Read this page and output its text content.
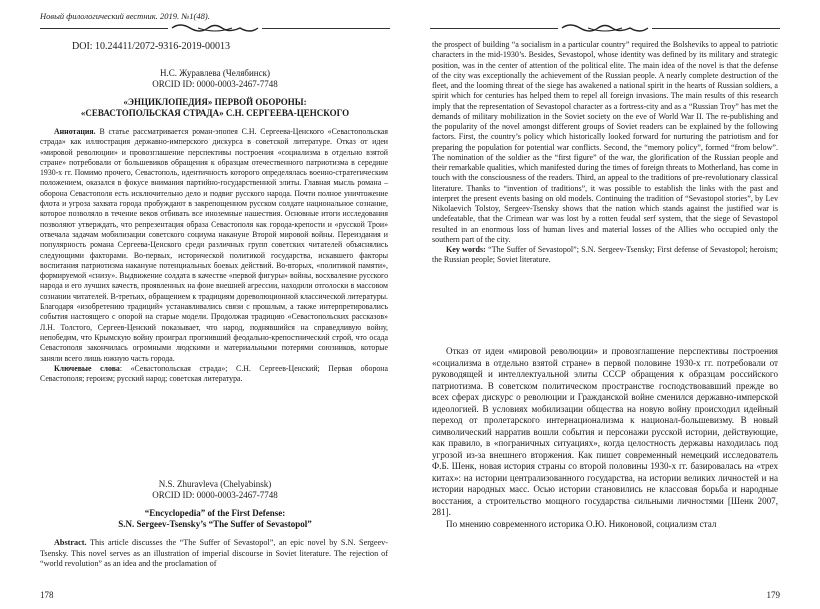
Новый филологический вестник. 2019. №1(48).
DOI: 10.24411/2072-9316-2019-00013
Н.С. Журавлева (Челябинск)
ORCID ID: 0000-0003-2467-7748
«ЭНЦИКЛОПЕДИЯ» ПЕРВОЙ ОБОРОНЫ:
«СЕВАСТОПОЛЬСКАЯ СТРАДА» С.Н. СЕРГЕЕВА-ЦЕНСКОГО

Аннотация. В статье рассматривается роман-эпопея С.Н. Сергеева-Ценского «Севастопольская страда» как иллюстрация державно-имперского дискурса в советской литературе. Отказ от идеи «мировой революции» и провозглашение перспективы построения «социализма в отдельно взятой стране» потребовали от большевиков обращения к образцам отечественного патриотизма в середине 1930-х гг. Помимо прочего, Севастополь, идентичность которого определялась военно-стратегическим положением, оказался в фокусе внимания партийно-государственной элиты. Главная мысль романа – оборона Севастополя есть исключительно дело и подвиг русского народа. Почти полное уничтожение флота и угроза захвата города пробуждают в закрепощенном русском солдате национальное сознание, которое позволяло в течение веков отбивать все иноземные нашествия. Основные итоги исследования позволяют утверждать, что репрезентация образа Севастополя как города-крепости и «русской Трои» отвечала задачам мобилизации советского социума накануне Второй мировой войны. Переиздания и популярность романа Сергеева-Ценского среди различных групп советских читателей объяснялись следующими факторами. Во-первых, исторической политикой государства, искавшего факторы воспитания патриотизма накануне потенциальных боевых действий. Во-вторых, «политикой памяти», формируемой «снизу». Выдвижение солдата в качестве «первой фигуры» войны, восхваление русского народа и его лучших качеств, проявленных на фоне внешней агрессии, находили отголоски в массовом сознании читателей. В-третьих, обращением к традициям дореволюционной классической литературы. Благодаря «изобретению традиций» устанавливались связи с прошлым, а также интерпретировались события настоящего с опорой на старые модели. Продолжая традицию «Севастопольских рассказов» Л.Н. Толстого, Сергеев-Ценский показывает, что народ, поднявшийся на справедливую войну, непобедим, что Крымскую войну проиграл прогнивший феодально-крепостнический строй, что осада Севастополя закончилась огромными людскими и материальными потерями союзников, которые заняли всего лишь южную часть города.

Ключевые слова: «Севастопольская страда»; С.Н. Сергеев-Ценский; Первая оборона Севастополя; героизм; русский народ; советская литература.

N.S. Zhuravleva (Chelyabinsk)
ORCID ID: 0000-0003-2467-7748
“Encyclopedia” of the First Defense:
S.N. Sergeev-Tsensky’s “The Suffer of Sevastopol”

Abstract. This article discusses the “The Suffer of Sevastopol”, an epic novel by S.N. Sergeev-Tsensky. This novel serves as an illustration of imperial discourse in Soviet literature. The rejection of “world revolution” as an idea and the proclamation of

178

the prospect of building “a socialism in a particular country” required the Bolsheviks to appeal to patriotic characters in the mid-1930’s. Besides, Sevastopol, whose identity was defined by its military and strategic position, was in the center of attention of the political elite. The main idea of the novel is that the defense of the city was exceptionally the achievement of the Russian people. A nearly complete destruction of the fleet, and the looming threat of the siege has awakened a national spirit in the hearts of Russian soldiers, a spirit which for centuries has helped them to repel all foreign invasions. The main results of this research imply that the representation of Sevastopol character as a fortress-city and as a “Russian Troy” has met the demands of military mobilization in the Soviet society on the eve of World War II. The re-publishing and the popularity of the novel amongst different groups of Soviet readers can be explained by the following factors. First, the country’s policy which historically looked forward for nurturing the patriotism and for preparing the population for potential war conflicts. Second, the “memory policy”, formed “from below”. The nomination of the soldier as the “first figure” of the war, the glorification of the Russian people and their remarkable qualities, which manifested during the times of foreign threats to Motherland, has come in touch with the consciousness of the readers. Third, an appeal to the traditions of pre-revolutionary classical literature. Thanks to “invention of traditions”, it was possible to establish the links with the past and interpret the present events basing on old models. Continuing the tradition of “Sevastopol stories”, by Lev Nikolaevich Tolstoy, Sergeev-Tsensky shows that the nation which stands against the justified war is undefeatable, that the Crimean war was lost by a rotten feudal serf system, that the siege of Sevastopol resulted in an enormous loss of human lives and material losses of the Allies who occupied only the southern part of the city.

Key words: “The Suffer of Sevastopol”; S.N. Sergeev-Tsensky; First defense of Sevastopol; heroism; the Russian people; Soviet literature.

Отказ от идеи «мировой революции» и провозглашение перспективы построения «социализма в отдельно взятой стране» в первой половине 1930-х гг. потребовали от руководящей и интеллектуальной элиты СССР обращения к образцам российского патриотизма. В советском политическом пространстве господствовавший прежде во всех сферах дискурс о революции и Гражданской войне сменился державно-имперской идеологией. В условиях мобилизации общества на новую войну происходил идейный переход от пролетарского интернационализма к национал-большевизму. В новый символический нарратив вошли события и персонажи русской истории, действующие, как правило, в «пограничных ситуациях», когда целостность державы находилась под угрозой из-за внешнего вторжения. Как пишет современный немецкий исследователь Ф.Б. Шенк, новая история страны со второй половины 1930-х гг. базировалась на «трех китах»: на истории централизованного государства, на истории великих личностей и на истории народных масс. Осью истории становились не классовая борьба и народные восстания, а строительство мощного государства сильными личностями [Шенк 2007, 281].

По мнению современного историка О.Ю. Никоновой, социализм стал

179
